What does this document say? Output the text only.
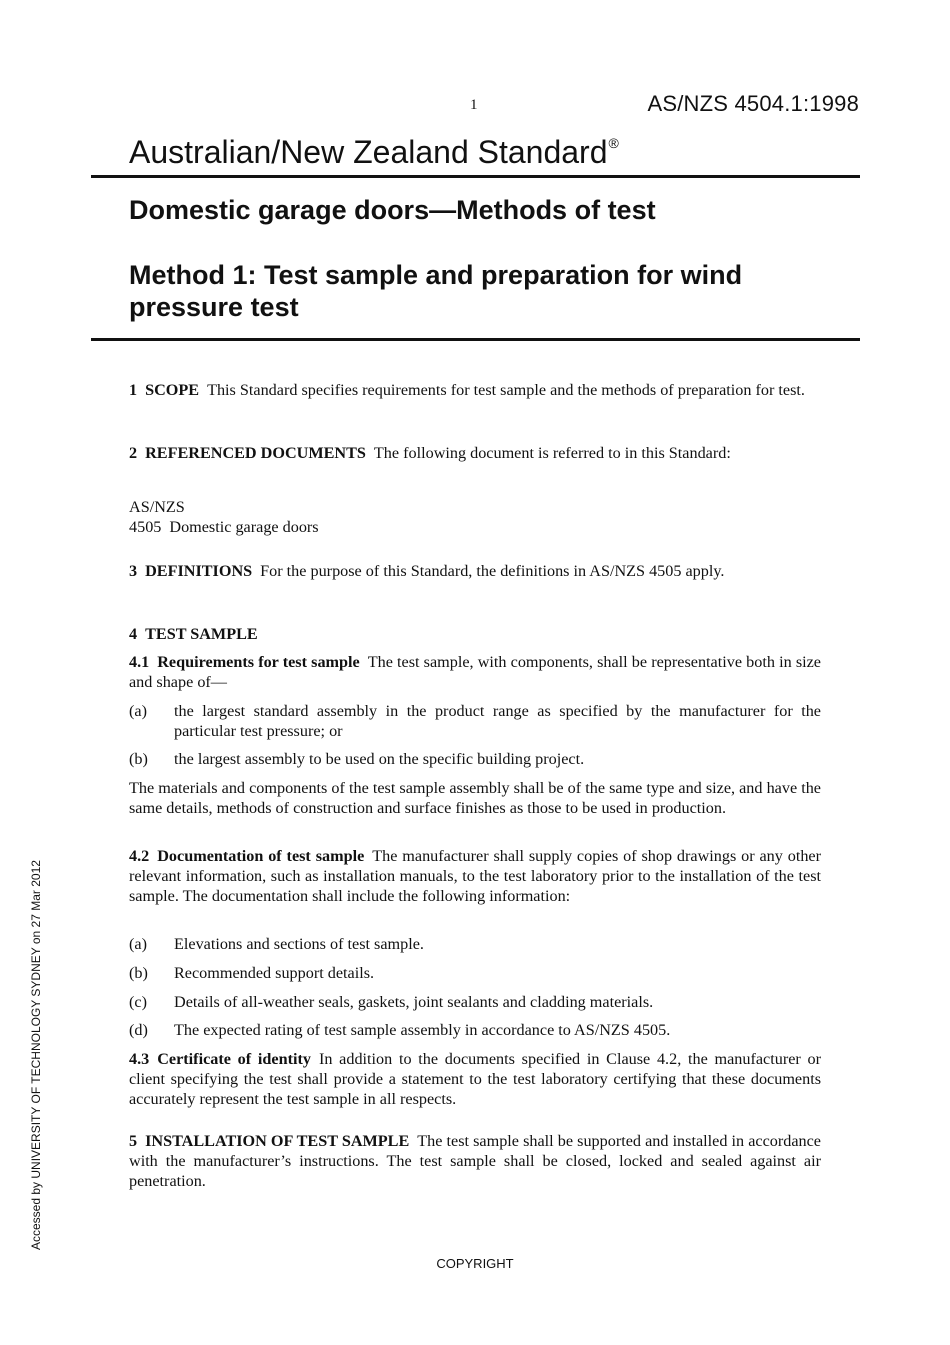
1	AS/NZS 4504.1:1998
Australian/New Zealand Standard®
Domestic garage doors—Methods of test
Method 1: Test sample and preparation for wind pressure test
1 SCOPE This Standard specifies requirements for test sample and the methods of preparation for test.
2 REFERENCED DOCUMENTS The following document is referred to in this Standard:
AS/NZS
4505 Domestic garage doors
3 DEFINITIONS For the purpose of this Standard, the definitions in AS/NZS 4505 apply.
4 TEST SAMPLE
4.1 Requirements for test sample The test sample, with components, shall be representative both in size and shape of—
(a) the largest standard assembly in the product range as specified by the manufacturer for the particular test pressure; or
(b) the largest assembly to be used on the specific building project.
The materials and components of the test sample assembly shall be of the same type and size, and have the same details, methods of construction and surface finishes as those to be used in production.
4.2 Documentation of test sample The manufacturer shall supply copies of shop drawings or any other relevant information, such as installation manuals, to the test laboratory prior to the installation of the test sample. The documentation shall include the following information:
(a) Elevations and sections of test sample.
(b) Recommended support details.
(c) Details of all-weather seals, gaskets, joint sealants and cladding materials.
(d) The expected rating of test sample assembly in accordance to AS/NZS 4505.
4.3 Certificate of identity In addition to the documents specified in Clause 4.2, the manufacturer or client specifying the test shall provide a statement to the test laboratory certifying that these documents accurately represent the test sample in all respects.
5 INSTALLATION OF TEST SAMPLE The test sample shall be supported and installed in accordance with the manufacturer’s instructions. The test sample shall be closed, locked and sealed against air penetration.
Accessed by UNIVERSITY OF TECHNOLOGY SYDNEY on 27 Mar 2012
COPYRIGHT
